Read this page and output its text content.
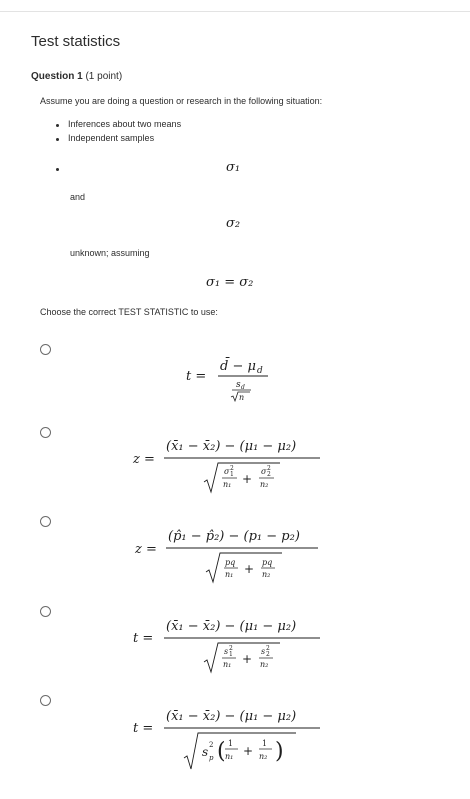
Test statistics
Question 1 (1 point)
Assume you are doing a question or research in the following situation:
Inferences about two means
Independent samples
σ₁
and
σ₂
unknown; assuming
σ₁ = σ₂
Choose the correct TEST STATISTIC to use:
t =
d̄ − μ d
s d
n
z =
(x̄₁ − x̄₂) − (μ₁ − μ₂)
σ 2
1
n₁ +
σ 2
2
n₂
z =
(p̂₁ − p̂₂) − (p₁ − p₂)
pq
n₁ + pq
n₂
t =
(x̄₁ − x̄₂) − (μ₁ − μ₂)
s 2
1
n₁ +
s 2
2
n₂
t =
(x̄₁ − x̄₂) − (μ₁ − μ₂)
s 2
p ( 1
n₁ +
1
n₂ )
